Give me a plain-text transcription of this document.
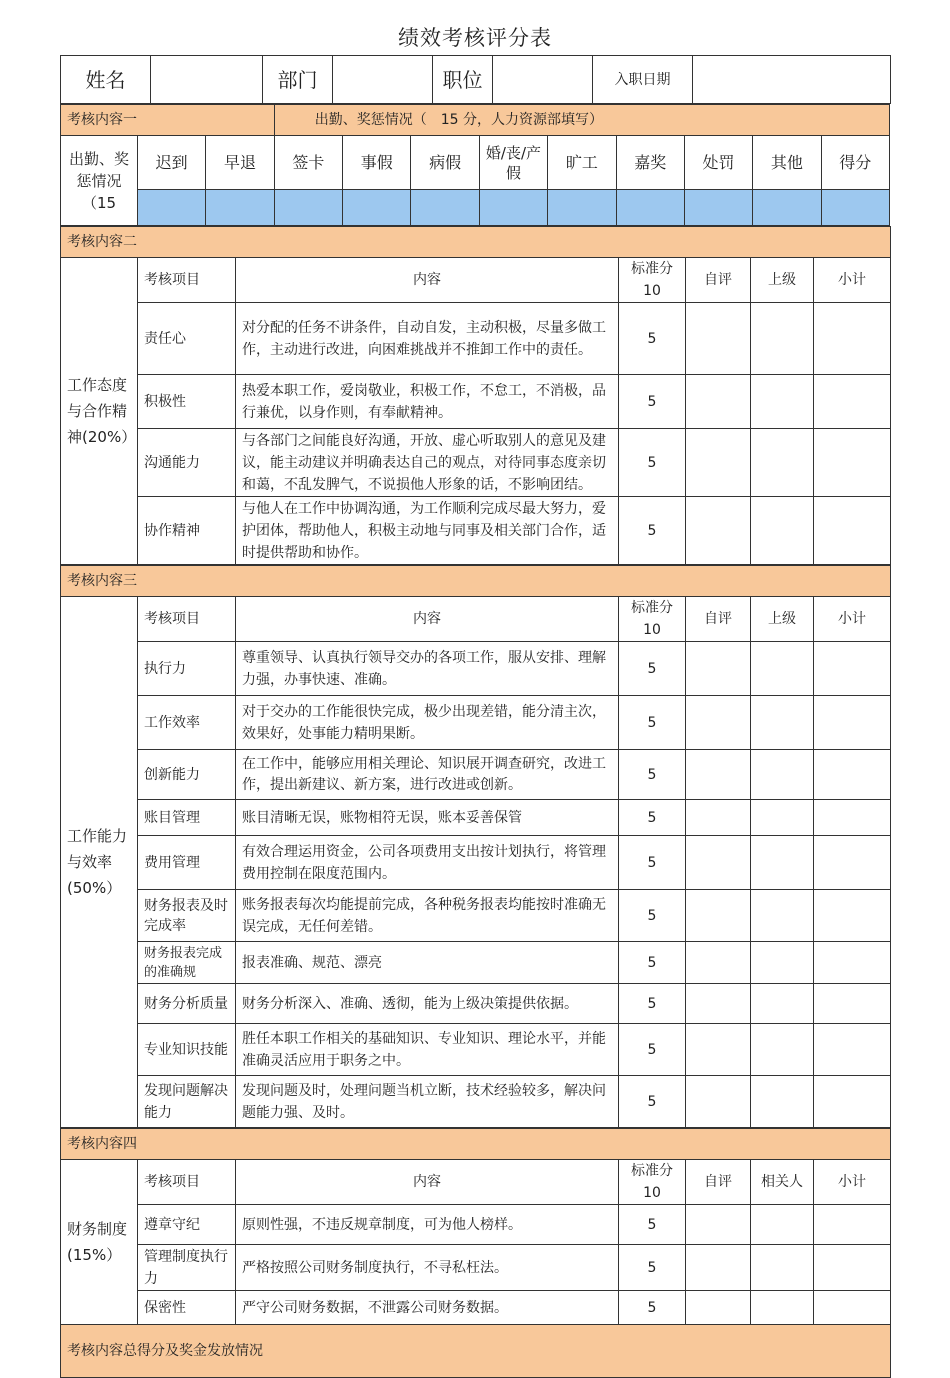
绩效考核评分表
姓名		部门		职位		入职日期	
考核内容一			出勤、奖惩情况（　15 分，人力资源部填写）								
出勤、奖惩情况（15	迟到	早退	签卡	事假	病假	婚/丧/产假	旷工	嘉奖	处罚	其他	得分

考核内容二						
工作态度与合作精神(20%）	考核项目	内容	标准分 10	自评	上级	小计
	责任心	对分配的任务不讲条件，自动自发，主动积极，尽量多做工作，主动进行改进，向困难挑战并不推卸工作中的责任。	5			
	积极性	热爱本职工作，爱岗敬业，积极工作，不怠工，不消极，品行兼优，以身作则，有奉献精神。	5			
	沟通能力	与各部门之间能良好沟通，开放、虚心听取别人的意见及建议，能主动建议并明确表达自己的观点，对待同事态度亲切和蔼，不乱发脾气，不说损他人形象的话，不影响团结。	5			
	协作精神	与他人在工作中协调沟通，为工作顺利完成尽最大努力，爱护团体，帮助他人，积极主动地与同事及相关部门合作，适时提供帮助和协作。	5			
考核内容三						
工作能力与效率(50%）	考核项目	内容	标准分 10	自评	上级	小计
	执行力	尊重领导、认真执行领导交办的各项工作，服从安排、理解力强，办事快速、准确。	5			
	工作效率	对于交办的工作能很快完成，极少出现差错，能分清主次，效果好，处事能力精明果断。	5			
	创新能力	在工作中，能够应用相关理论、知识展开调查研究，改进工作，提出新建议、新方案，进行改进或创新。	5			
	账目管理	账目清晰无误，账物相符无误，账本妥善保管	5			
	费用管理	有效合理运用资金，公司各项费用支出按计划执行，将管理费用控制在限度范围内。	5			
	财务报表及时完成率	账务报表每次均能提前完成，各种税务报表均能按时准确无误完成，无任何差错。	5			
	财务报表完成的准确规	报表准确、规范、漂亮	5			
	财务分析质量	财务分析深入、准确、透彻，能为上级决策提供依据。	5			
	专业知识技能	胜任本职工作相关的基础知识、专业知识、理论水平，并能准确灵活应用于职务之中。	5			
	发现问题解决能力	发现问题及时，处理问题当机立断，技术经验较多，解决问题能力强、及时。	5			
考核内容四						
财务制度(15%）	考核项目	内容	标准分 10	自评	相关人	小计
	遵章守纪	原则性强，不违反规章制度，可为他人榜样。	5			
	管理制度执行力	严格按照公司财务制度执行，不寻私枉法。	5			
	保密性	严守公司财务数据，不泄露公司财务数据。	5			
考核内容总得分及奖金发放情况						
